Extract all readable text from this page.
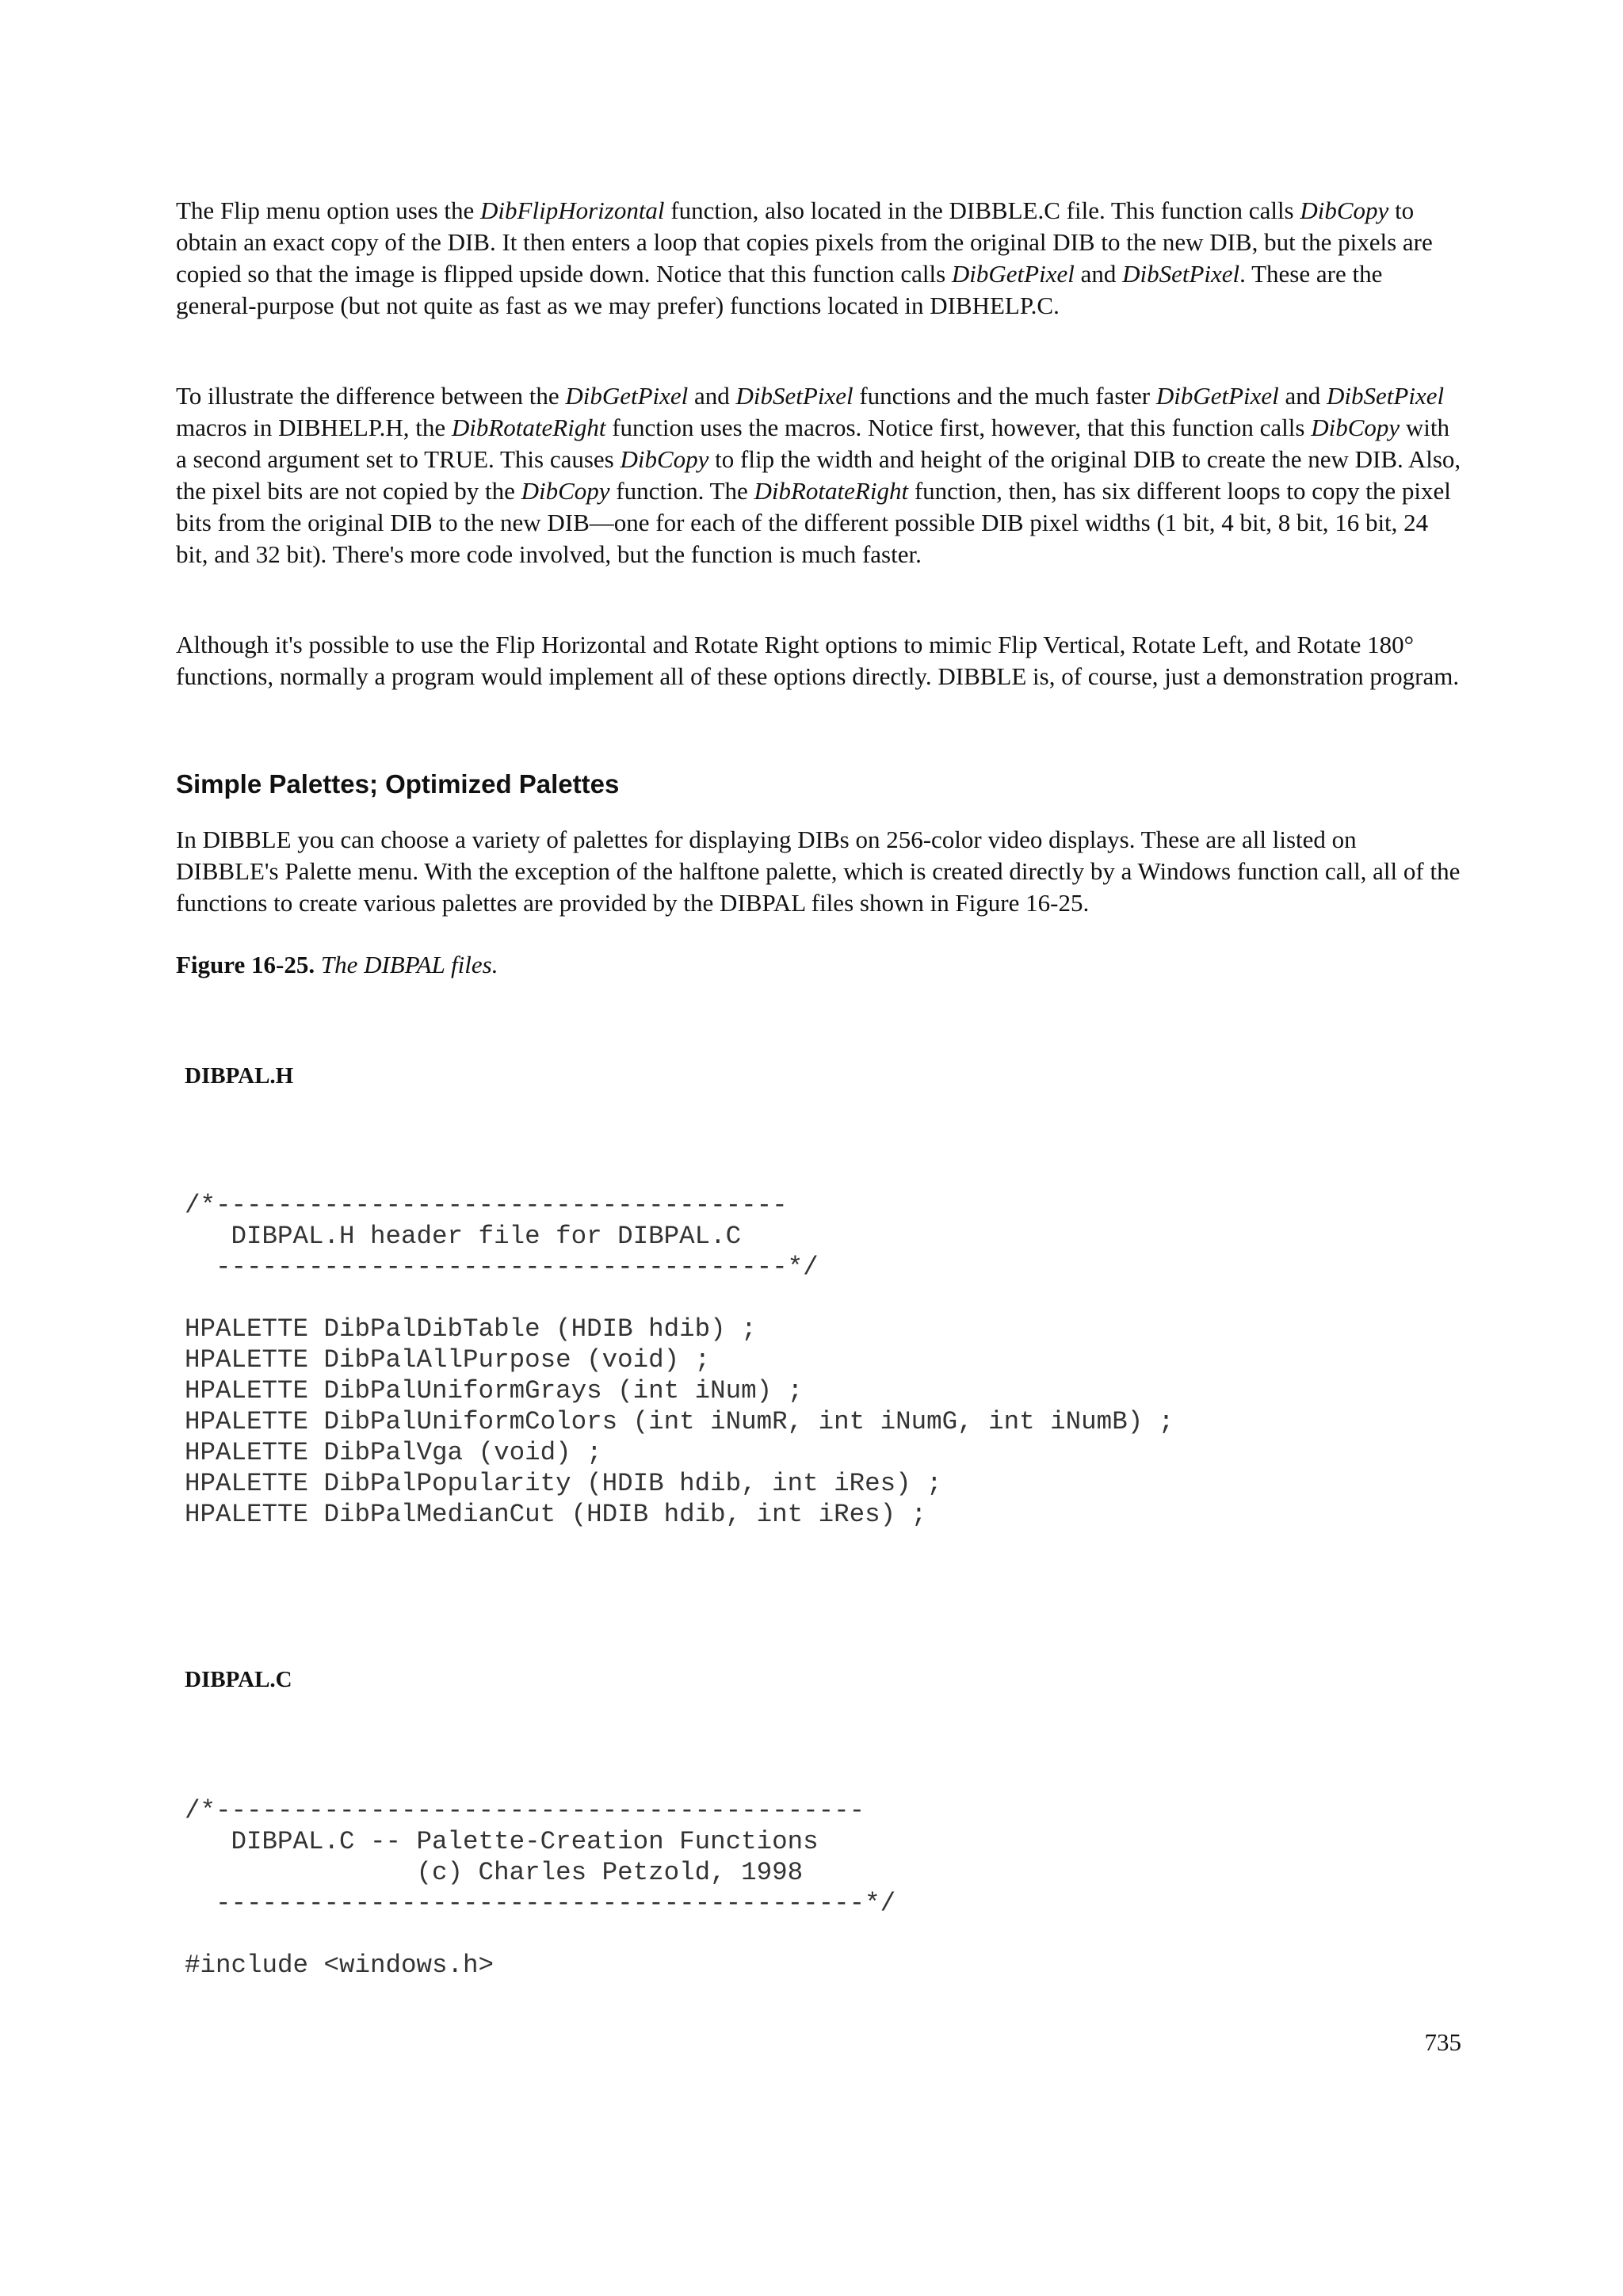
The Flip menu option uses the DibFlipHorizontal function, also located in the DIBBLE.C file. This function calls DibCopy to obtain an exact copy of the DIB. It then enters a loop that copies pixels from the original DIB to the new DIB, but the pixels are copied so that the image is flipped upside down. Notice that this function calls DibGetPixel and DibSetPixel. These are the general-purpose (but not quite as fast as we may prefer) functions located in DIBHELP.C.

To illustrate the difference between the DibGetPixel and DibSetPixel functions and the much faster DibGetPixel and DibSetPixel macros in DIBHELP.H, the DibRotateRight function uses the macros. Notice first, however, that this function calls DibCopy with a second argument set to TRUE. This causes DibCopy to flip the width and height of the original DIB to create the new DIB. Also, the pixel bits are not copied by the DibCopy function. The DibRotateRight function, then, has six different loops to copy the pixel bits from the original DIB to the new DIB—one for each of the different possible DIB pixel widths (1 bit, 4 bit, 8 bit, 16 bit, 24 bit, and 32 bit). There's more code involved, but the function is much faster.

Although it's possible to use the Flip Horizontal and Rotate Right options to mimic Flip Vertical, Rotate Left, and Rotate 180° functions, normally a program would implement all of these options directly. DIBBLE is, of course, just a demonstration program.

Simple Palettes; Optimized Palettes

In DIBBLE you can choose a variety of palettes for displaying DIBs on 256-color video displays. These are all listed on DIBBLE's Palette menu. With the exception of the halftone palette, which is created directly by a Windows function call, all of the functions to create various palettes are provided by the DIBPAL files shown in Figure 16-25.

Figure 16-25. The DIBPAL files.

DIBPAL.H

/*-------------------------------------
DIBPAL.H header file for DIBPAL.C
-------------------------------------*/

HPALETTE DibPalDibTable (HDIB hdib) ;
HPALETTE DibPalAllPurpose (void) ;
HPALETTE DibPalUniformGrays (int iNum) ;
HPALETTE DibPalUniformColors (int iNumR, int iNumG, int iNumB) ;
HPALETTE DibPalVga (void) ;
HPALETTE DibPalPopularity (HDIB hdib, int iRes) ;
HPALETTE DibPalMedianCut (HDIB hdib, int iRes) ;

DIBPAL.C

/*------------------------------------------
DIBPAL.C -- Palette-Creation Functions
(c) Charles Petzold, 1998
------------------------------------------*/

#include <windows.h>

735
